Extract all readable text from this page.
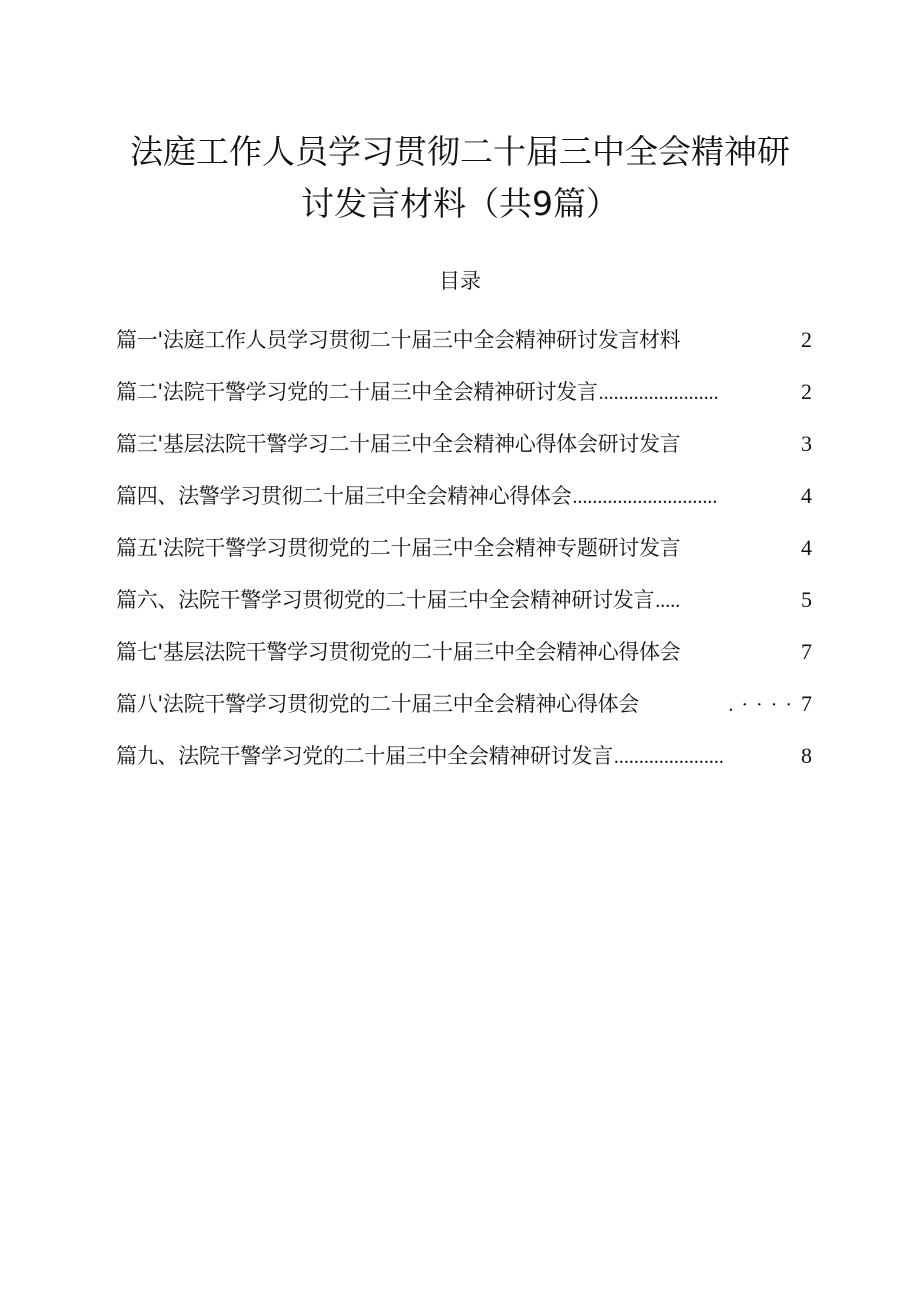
法庭工作人员学习贯彻二十届三中全会精神研
讨发言材料（共9篇）
目录
篇一'法庭工作人员学习贯彻二十届三中全会精神研讨发言材料	2
篇二'法院干警学习党的二十届三中全会精神研讨发言 ........................	2
篇三'基层法院干警学习二十届三中全会精神心得体会研讨发言	3
篇四、法警学习贯彻二十届三中全会精神心得体会 .............................	4
篇五'法院干警学习贯彻党的二十届三中全会精神专题研讨发言	4
篇六、法院干警学习贯彻党的二十届三中全会精神研讨发言 .....	5
篇七'基层法院干警学习贯彻党的二十届三中全会精神心得体会	7
篇八'法院干警学习贯彻党的二十届三中全会精神心得体会	.···· 7
篇九、法院干警学习党的二十届三中全会精神研讨发言 ......................	8
